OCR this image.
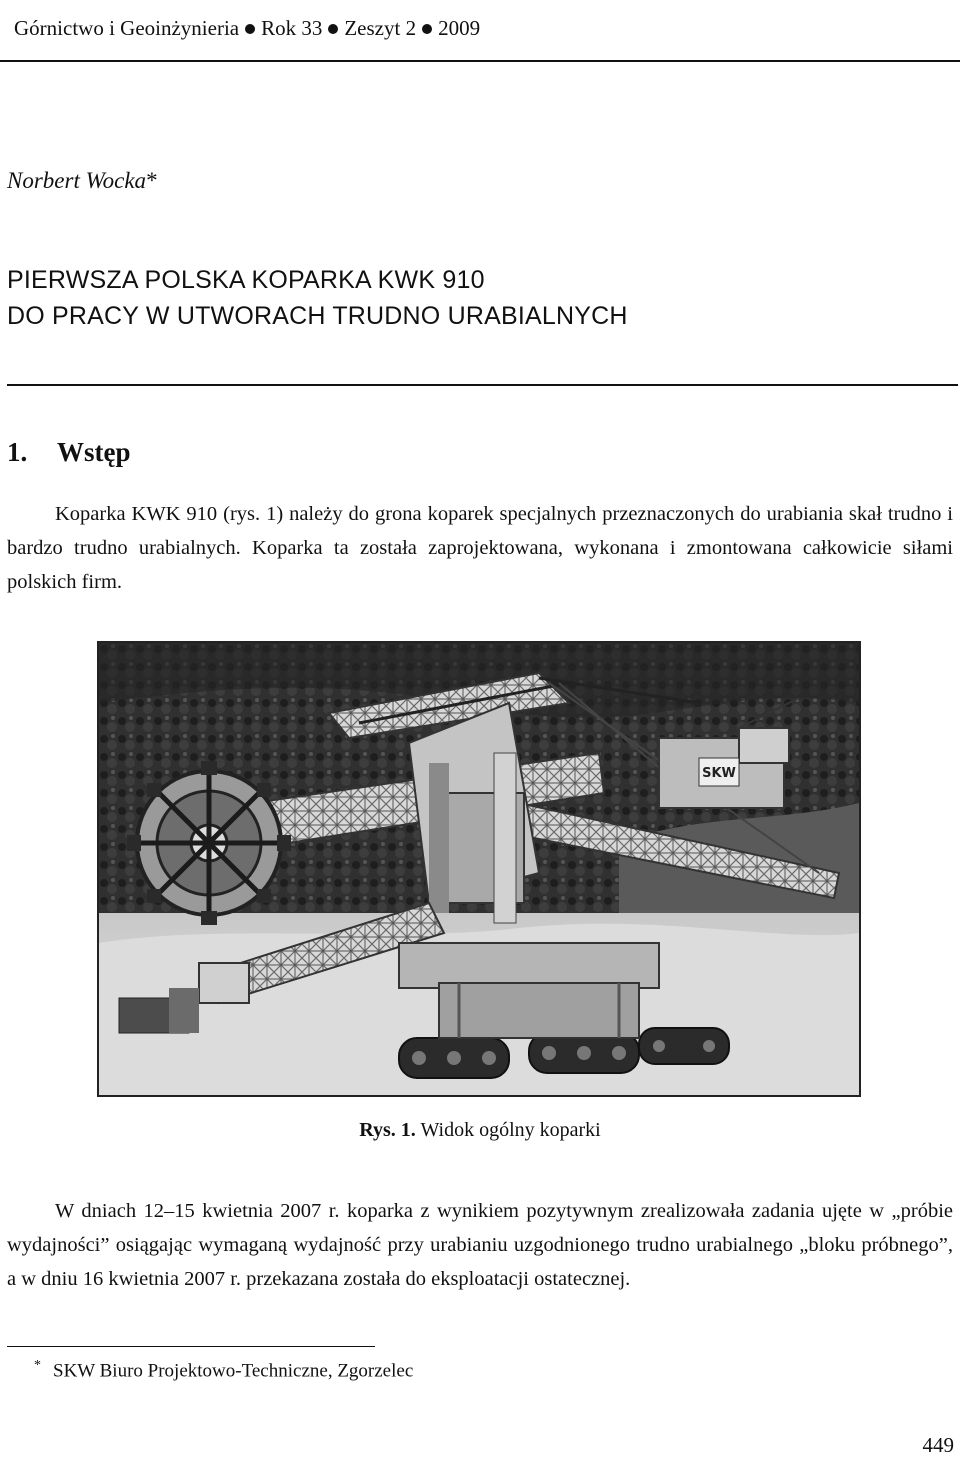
Górnictwo i Geoinżynieria Rok 33 Zeszyt 2 2009
Norbert Wocka*
PIERWSZA POLSKA KOPARKA KWK 910
DO PRACY W UTWORACH TRUDNO URABIALNYCH
1. Wstęp
Koparka KWK 910 (rys. 1) należy do grona koparek specjalnych przeznaczonych do urabiania skał trudno i bardzo trudno urabialnych. Koparka ta została zaprojektowana, wykonana i zmontowana całkowicie siłami polskich firm.
SKW
Rys. 1. Widok ogólny koparki
W dniach 12–15 kwietnia 2007 r. koparka z wynikiem pozytywnym zrealizowała zadania ujęte w „próbie wydajności” osiągając wymaganą wydajność przy urabianiu uzgodnionego trudno urabialnego „bloku próbnego”, a w dniu 16 kwietnia 2007 r. przekazana została do eksploatacji ostatecznej.
* SKW Biuro Projektowo-Techniczne, Zgorzelec
449
